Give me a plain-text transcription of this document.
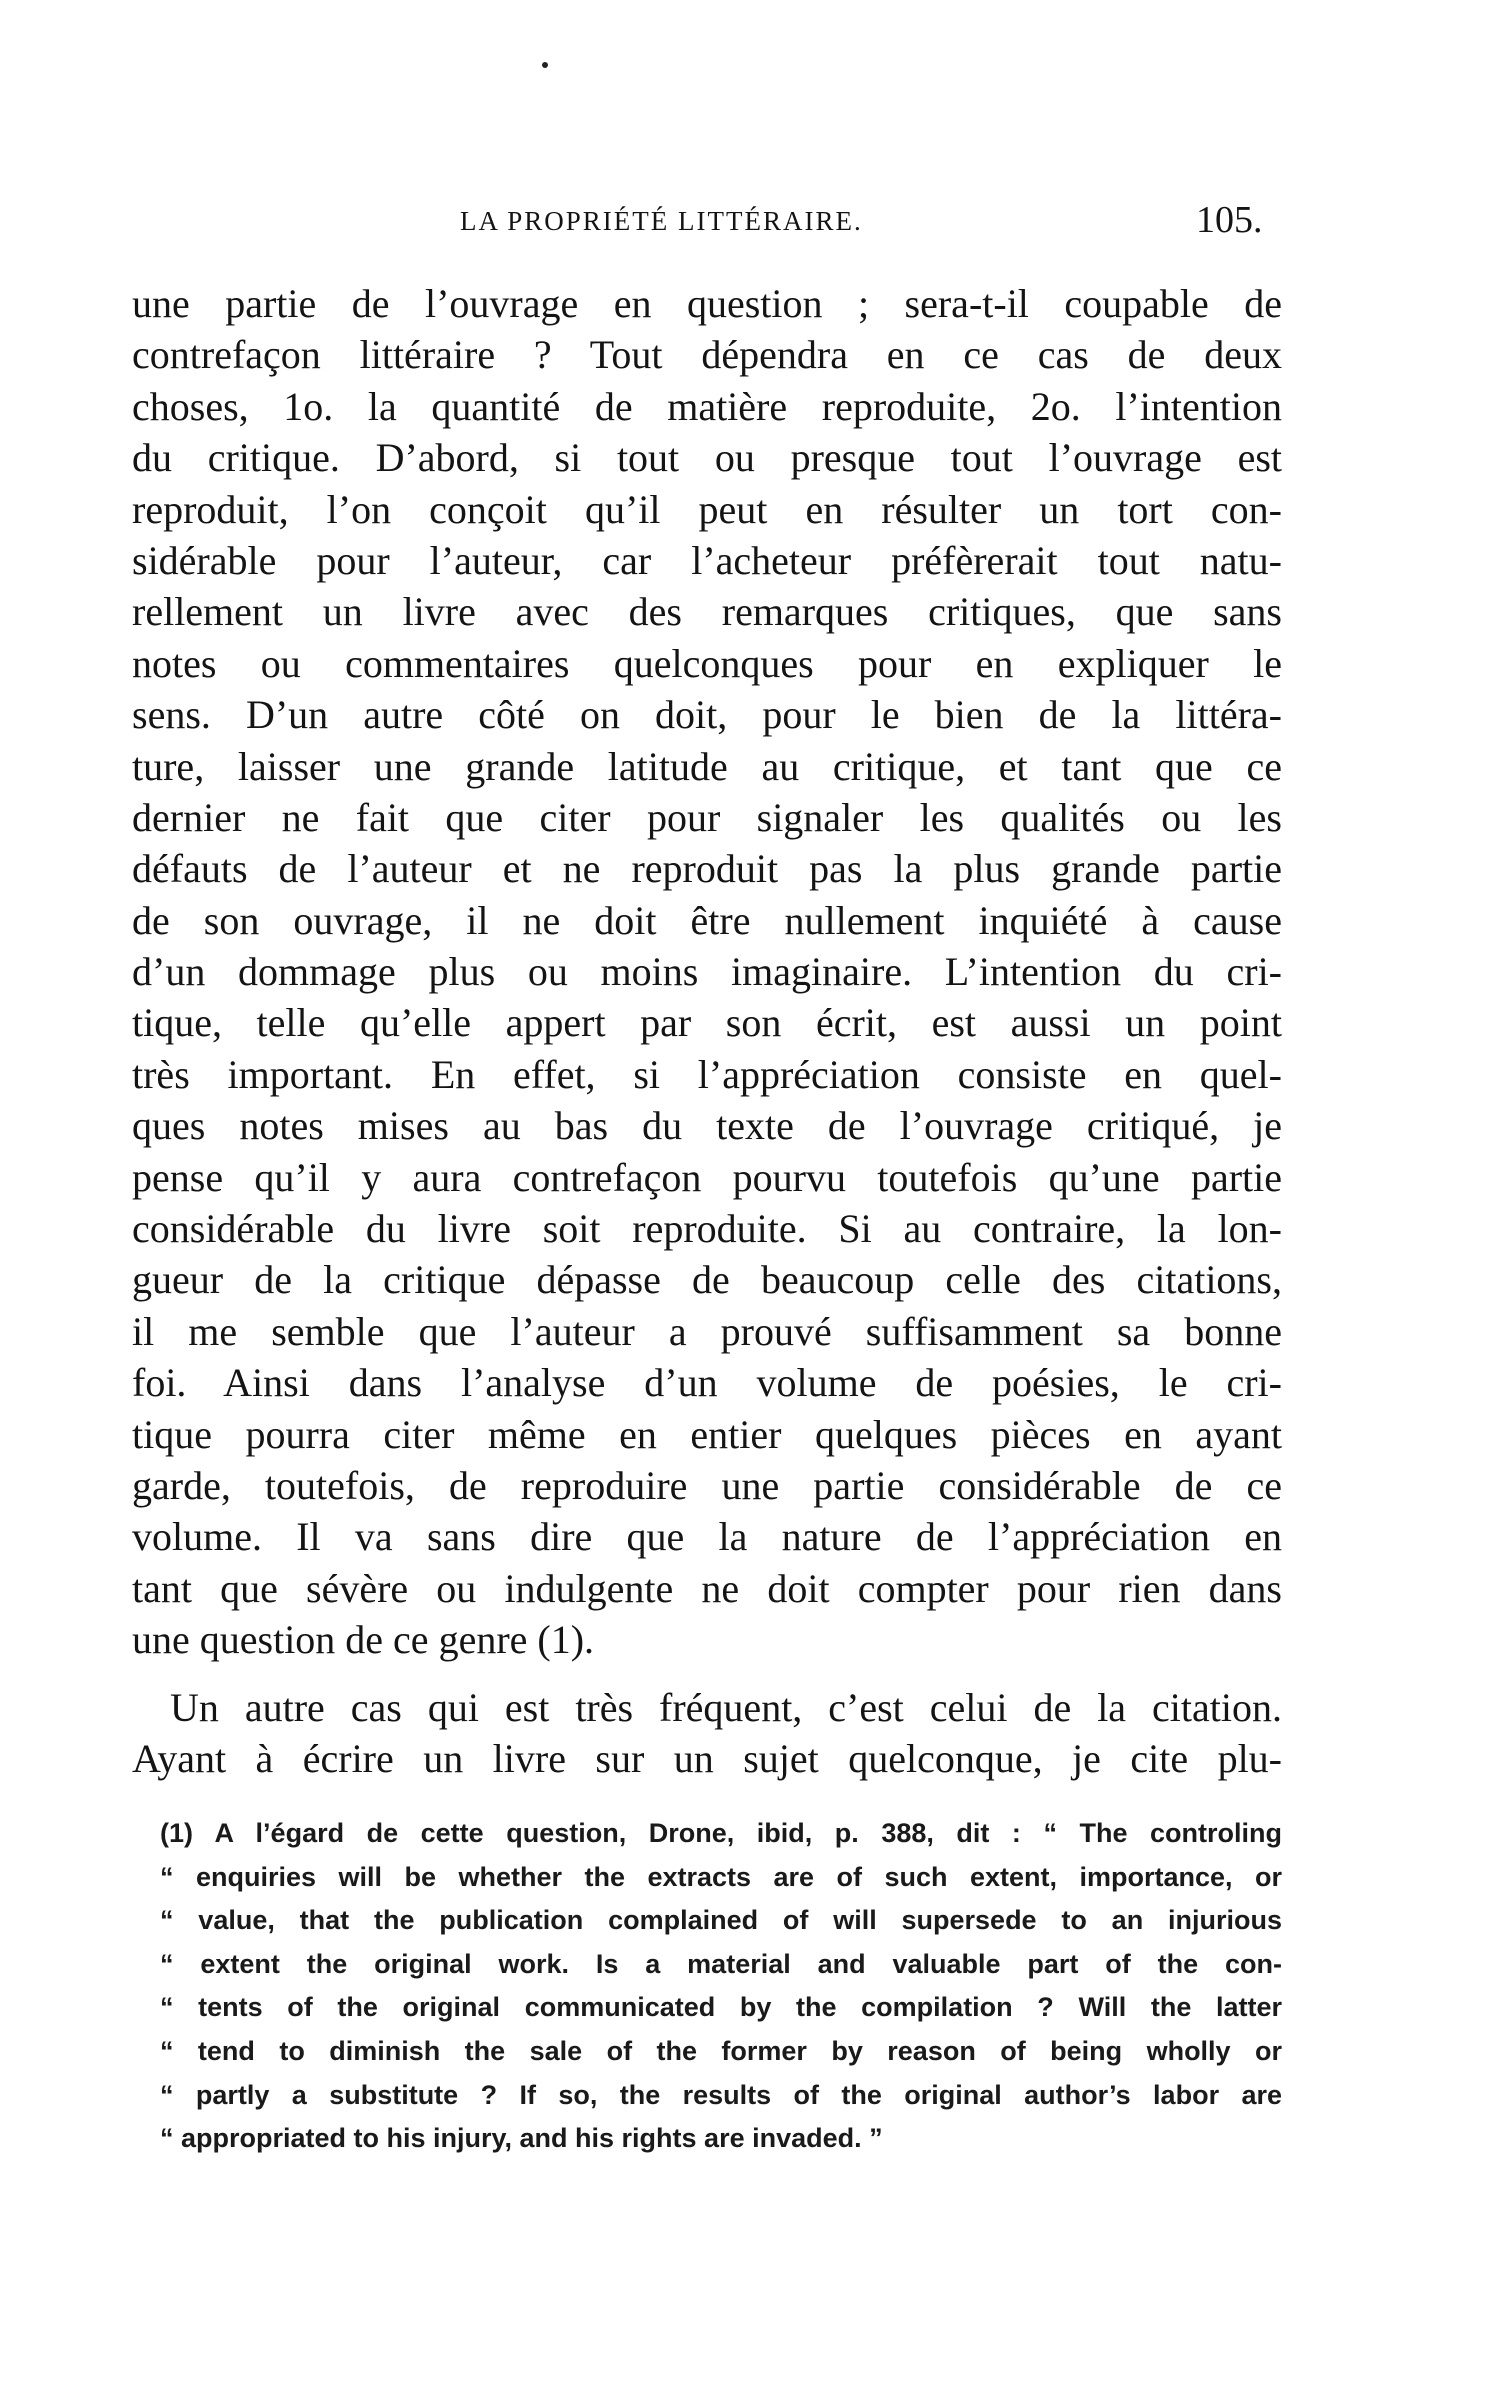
LA PROPRIÉTÉ LITTÉRAIRE.	105.
une partie de l’ouvrage en question ; sera-t-il coupable de
contrefaçon littéraire ? Tout dépendra en ce cas de deux
choses, 1o. la quantité de matière reproduite, 2o. l’intention
du critique. D’abord, si tout ou presque tout l’ouvrage est
reproduit, l’on conçoit qu’il peut en résulter un tort con-
sidérable pour l’auteur, car l’acheteur préfèrerait tout natu-
rellement un livre avec des remarques critiques, que sans
notes ou commentaires quelconques pour en expliquer le
sens. D’un autre côté on doit, pour le bien de la littéra-
ture, laisser une grande latitude au critique, et tant que ce
dernier ne fait que citer pour signaler les qualités ou les
défauts de l’auteur et ne reproduit pas la plus grande partie
de son ouvrage, il ne doit être nullement inquiété à cause
d’un dommage plus ou moins imaginaire. L’intention du cri-
tique, telle qu’elle appert par son écrit, est aussi un point
très important. En effet, si l’appréciation consiste en quel-
ques notes mises au bas du texte de l’ouvrage critiqué, je
pense qu’il y aura contrefaçon pourvu toutefois qu’une partie
considérable du livre soit reproduite. Si au contraire, la lon-
gueur de la critique dépasse de beaucoup celle des citations,
il me semble que l’auteur a prouvé suffisamment sa bonne
foi. Ainsi dans l’analyse d’un volume de poésies, le cri-
tique pourra citer même en entier quelques pièces en ayant
garde, toutefois, de reproduire une partie considérable de ce
volume. Il va sans dire que la nature de l’appréciation en
tant que sévère ou indulgente ne doit compter pour rien dans
une question de ce genre (1).
Un autre cas qui est très fréquent, c’est celui de la citation.
Ayant à écrire un livre sur un sujet quelconque, je cite plu-
(1) A l’égard de cette question, Drone, ibid, p. 388, dit : “ The controling
“ enquiries will be whether the extracts are of such extent, importance, or
“ value, that the publication complained of will supersede to an injurious
“ extent the original work. Is a material and valuable part of the con-
“ tents of the original communicated by the compilation ? Will the latter
“ tend to diminish the sale of the former by reason of being wholly or
“ partly a substitute ? If so, the results of the original author’s labor are
“ appropriated to his injury, and his rights are invaded. ”
